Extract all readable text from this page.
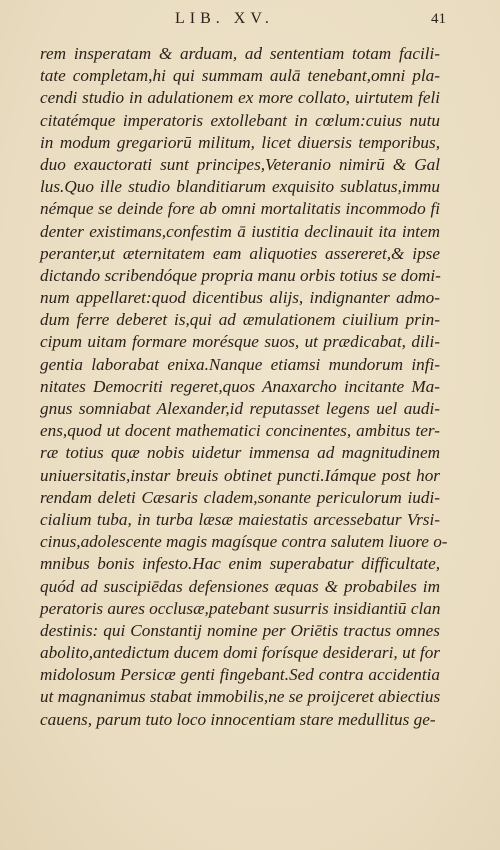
LIB. XV.	41
rem insperatam & arduam, ad sententiam totam facili-
tate completam,hi qui summam aulā tenebant,omni pla-
cendi studio in adulationem ex more collato, uirtutem feli
citatémque imperatoris extollebant in cœlum:cuius nutu
in modum gregariorū militum, licet diuersis temporibus,
duo exauctorati sunt principes,Veteranio nimirū & Gal
lus.Quo ille studio blanditiarum exquisito sublatus,immu
némque se deinde fore ab omni mortalitatis incommodo fi
denter existimans,confestim ā iustitia declinauit ita intem
peranter,ut æternitatem eam aliquoties assereret,& ipse
dictando scribendóque propria manu orbis totius se domi-
num appellaret:quod dicentibus alijs, indignanter admo-
dum ferre deberet is,qui ad æmulationem ciuilium prin-
cipum uitam formare morésque suos, ut prædicabat, dili-
gentia laborabat enixa.Nanque etiamsi mundorum infi-
nitates Democriti regeret,quos Anaxarcho incitante Ma-
gnus somniabat Alexander,id reputasset legens uel audi-
ens,quod ut docent mathematici concinentes, ambitus ter-
ræ totius quæ nobis uidetur immensa ad magnitudinem
uniuersitatis,instar breuis obtinet puncti.Iámque post hor
rendam deleti Cæsaris cladem,sonante periculorum iudi-
cialium tuba, in turba læsæ maiestatis arcessebatur Vrsi-
cinus,adolescente magis magísque contra salutem liuore o-
mnibus bonis infesto.Hac enim superabatur difficultate,
quód ad suscipiēdas defensiones æquas & probabiles im
peratoris aures occlusæ,patebant susurris insidiantiū clan
destinis: qui Constantij nomine per Oriētis tractus omnes
abolito,antedictum ducem domi forísque desiderari, ut for
midolosum Persicæ genti fingebant.Sed contra accidentia
ut magnanimus stabat immobilis,ne se proijceret abiectius
cauens, parum tuto loco innocentiam stare medullitus ge-
